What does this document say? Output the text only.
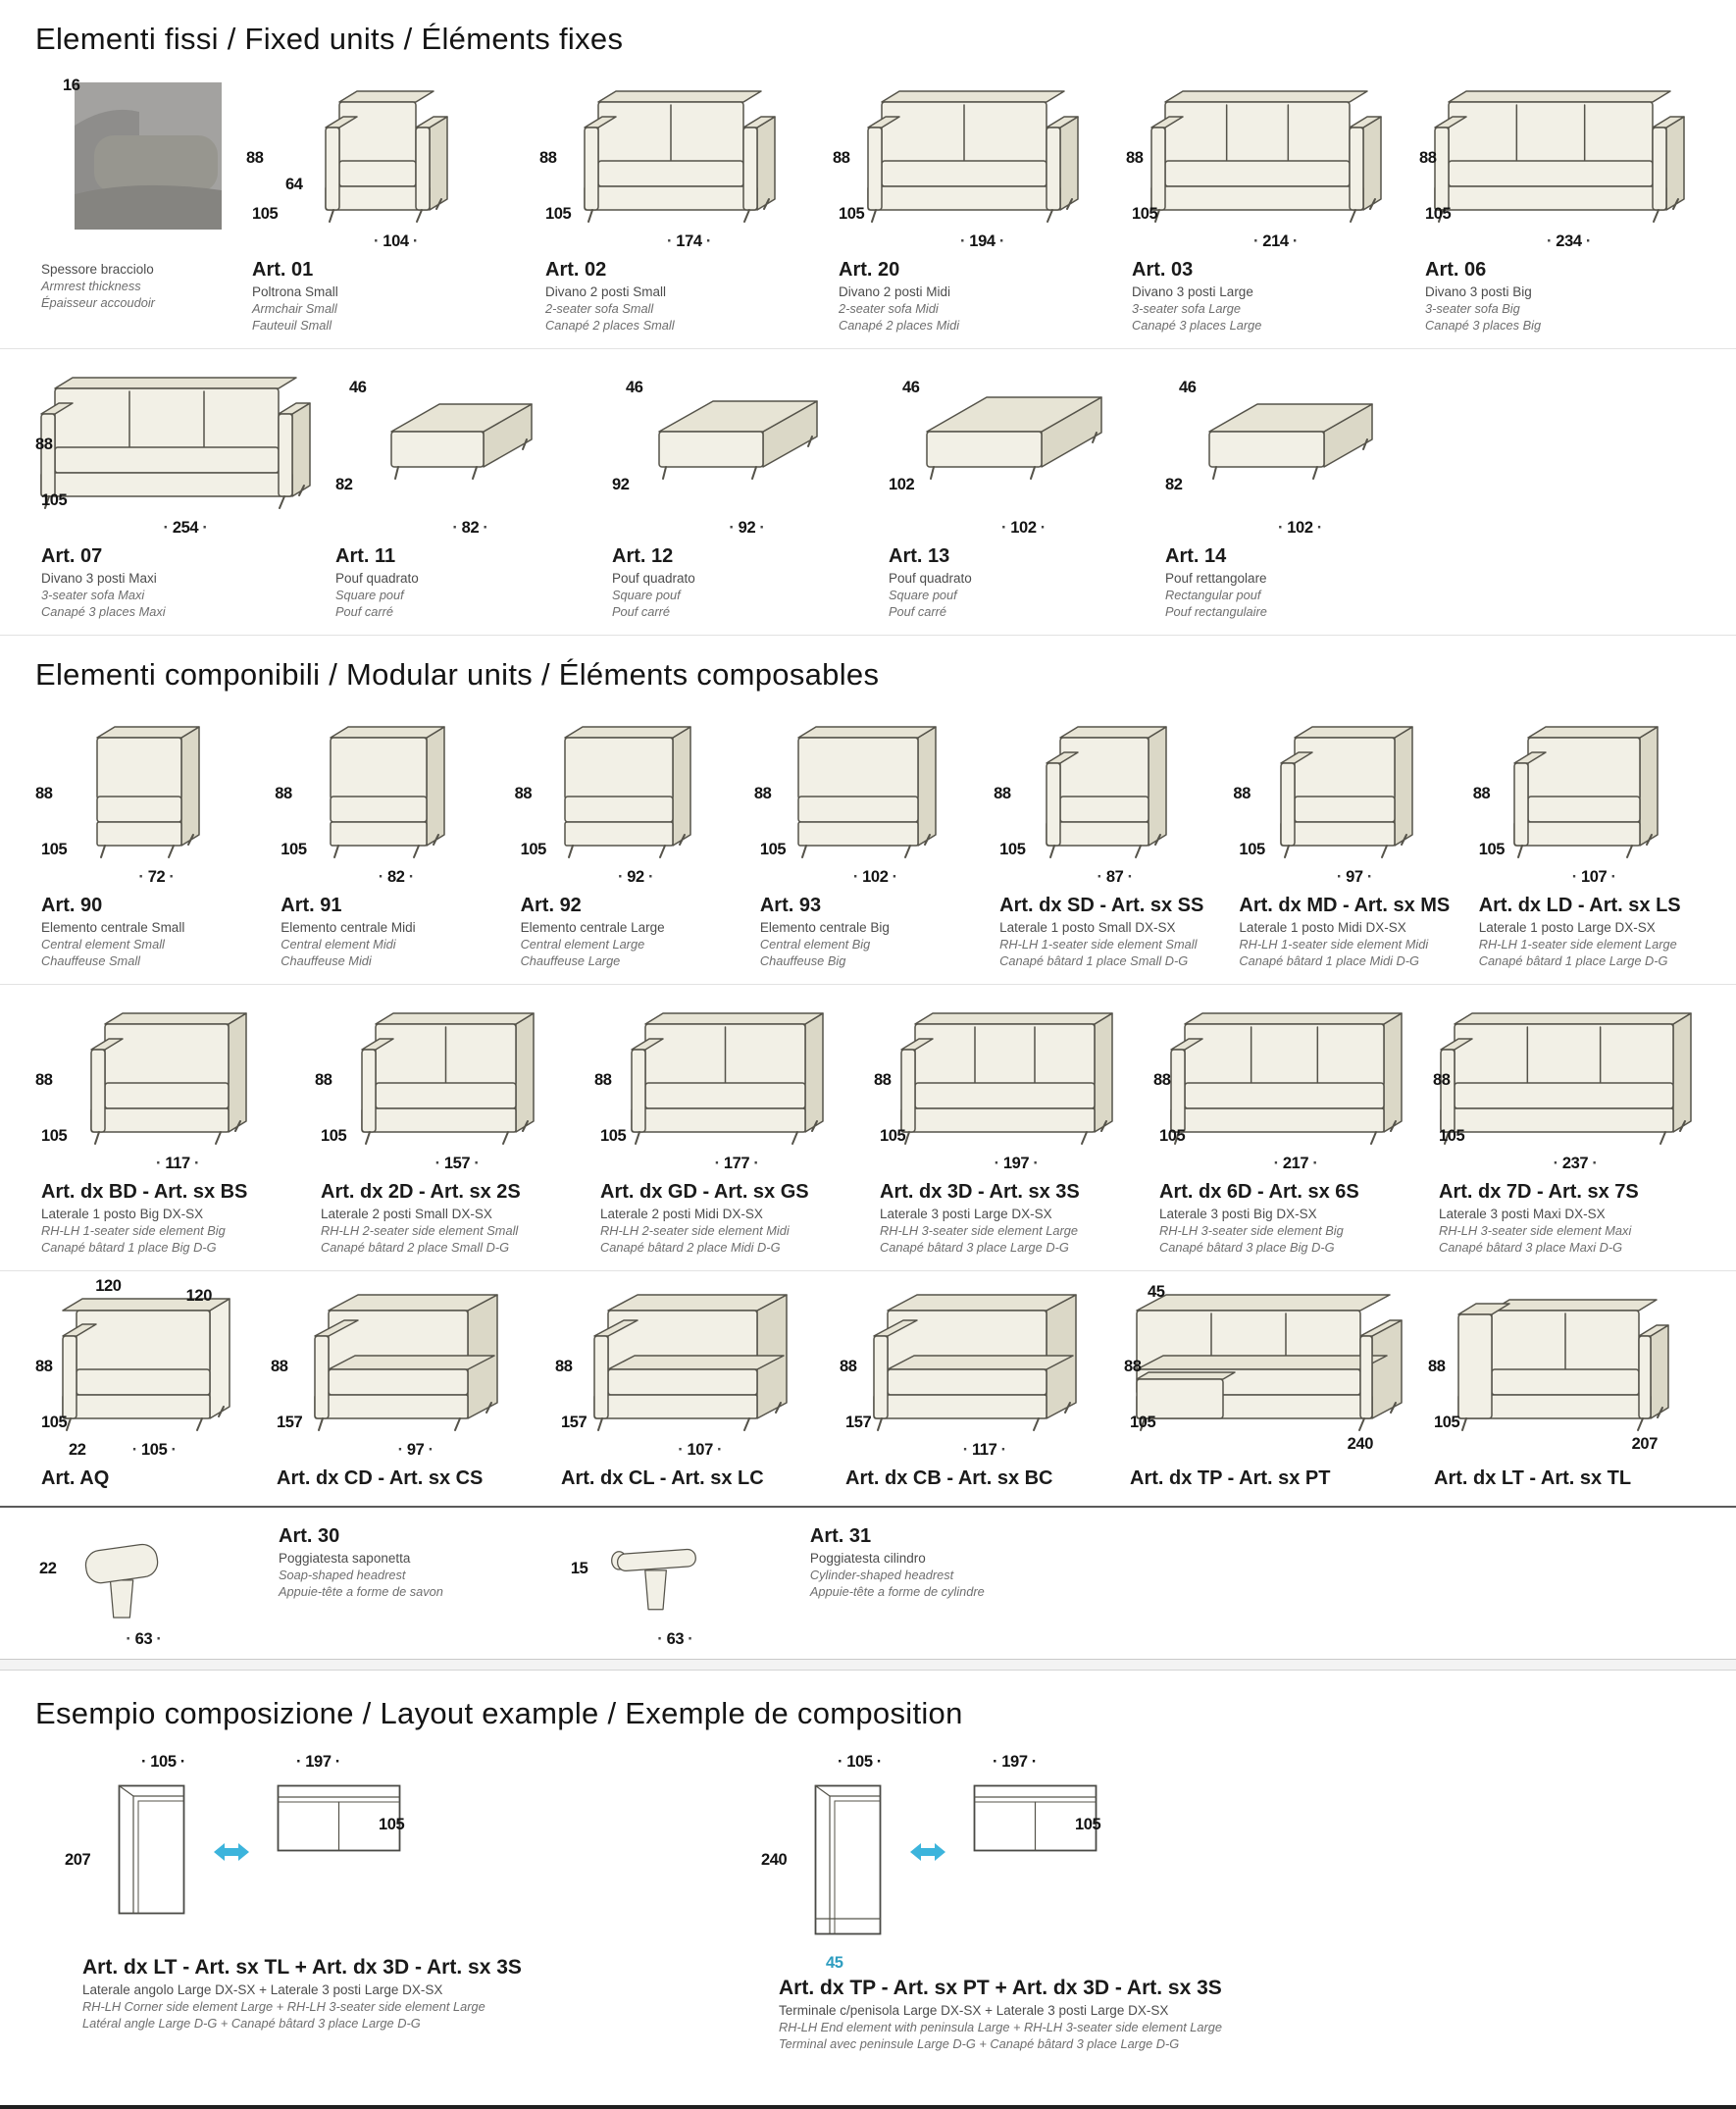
Elementi fissi / Fixed units / Éléments fixes
16
Spessore bracciolo
Armrest thickness
Épaisseur accoudoir
88
64
105
· 104 ·
Art. 01
Poltrona Small
Armchair Small
Fauteuil Small
88
105
· 174 ·
Art. 02
Divano 2 posti Small
2-seater sofa Small
Canapé 2 places Small
88
105
· 194 ·
Art. 20
Divano 2 posti Midi
2-seater sofa Midi
Canapé 2 places Midi
88
105
· 214 ·
Art. 03
Divano 3 posti Large
3-seater sofa Large
Canapé 3 places Large
88
105
· 234 ·
Art. 06
Divano 3 posti Big
3-seater sofa Big
Canapé 3 places Big
88
105
· 254 ·
Art. 07
Divano 3 posti Maxi
3-seater sofa Maxi
Canapé 3 places Maxi
46
82
· 82 ·
Art. 11
Pouf quadrato
Square pouf
Pouf carré
46
92
· 92 ·
Art. 12
Pouf quadrato
Square pouf
Pouf carré
46
102
· 102 ·
Art. 13
Pouf quadrato
Square pouf
Pouf carré
46
82
· 102 ·
Art. 14
Pouf rettangolare
Rectangular pouf
Pouf rectangulaire
Elementi componibili / Modular units / Éléments composables
88
105
· 72 ·
Art. 90
Elemento centrale Small
Central element Small
Chauffeuse Small
88
105
· 82 ·
Art. 91
Elemento centrale Midi
Central element Midi
Chauffeuse Midi
88
105
· 92 ·
Art. 92
Elemento centrale Large
Central element Large
Chauffeuse Large
88
105
· 102 ·
Art. 93
Elemento centrale Big
Central element Big
Chauffeuse Big
88
105
· 87 ·
Art. dx SD - Art. sx SS
Laterale 1 posto Small DX-SX
RH-LH 1-seater side element Small
Canapé bâtard 1 place Small D-G
88
105
· 97 ·
Art. dx MD - Art. sx MS
Laterale 1 posto Midi DX-SX
RH-LH 1-seater side element Midi
Canapé bâtard 1 place Midi D-G
88
105
· 107 ·
Art. dx LD - Art. sx LS
Laterale 1 posto Large DX-SX
RH-LH 1-seater side element Large
Canapé bâtard 1 place Large D-G
88
105
· 117 ·
Art. dx BD - Art. sx BS
Laterale 1 posto Big DX-SX
RH-LH 1-seater side element Big
Canapé bâtard 1 place Big D-G
88
105
· 157 ·
Art. dx 2D - Art. sx 2S
Laterale 2 posti Small DX-SX
RH-LH 2-seater side element Small
Canapé bâtard 2 place Small D-G
88
105
· 177 ·
Art. dx GD - Art. sx GS
Laterale 2 posti Midi DX-SX
RH-LH 2-seater side element Midi
Canapé bâtard 2 place Midi D-G
88
105
· 197 ·
Art. dx 3D - Art. sx 3S
Laterale 3 posti Large DX-SX
RH-LH 3-seater side element Large
Canapé bâtard 3 place Large D-G
88
105
· 217 ·
Art. dx 6D - Art. sx 6S
Laterale 3 posti Big DX-SX
RH-LH 3-seater side element Big
Canapé bâtard 3 place Big D-G
88
105
· 237 ·
Art. dx 7D - Art. sx 7S
Laterale 3 posti Maxi DX-SX
RH-LH 3-seater side element Maxi
Canapé bâtard 3 place Maxi D-G
120
120
88
105
22	· 105 ·
Art. AQ
88
157
· 97 ·
Art. dx CD - Art. sx CS
88
157
· 107 ·
Art. dx CL - Art. sx LC
88
157
· 117 ·
Art. dx CB - Art. sx BC
45
88
105
240
Art. dx TP - Art. sx PT
88
105
207
Art. dx LT - Art. sx TL
22
· 63 ·
Art. 30
Poggiatesta saponetta
Soap-shaped headrest
Appuie-tête a forme de savon
15
· 63 ·
Art. 31
Poggiatesta cilindro
Cylinder-shaped headrest
Appuie-tête a forme de cylindre
Esempio composizione / Layout example / Exemple de composition
· 105 ·	· 197 ·
207
105
Art. dx LT - Art. sx TL + Art. dx 3D - Art. sx 3S
Laterale angolo Large DX-SX + Laterale 3 posti Large DX-SX
RH-LH Corner side element Large + RH-LH 3-seater side element Large
Latéral angle Large D-G + Canapé bâtard 3 place Large D-G
· 105 ·	· 197 ·
240
105
45
Art. dx TP - Art. sx PT + Art. dx 3D - Art. sx 3S
Terminale c/penisola Large DX-SX + Laterale 3 posti Large DX-SX
RH-LH End element with peninsula Large + RH-LH 3-seater side element Large
Terminal avec peninsule Large D-G + Canapé bâtard 3 place Large D-G
